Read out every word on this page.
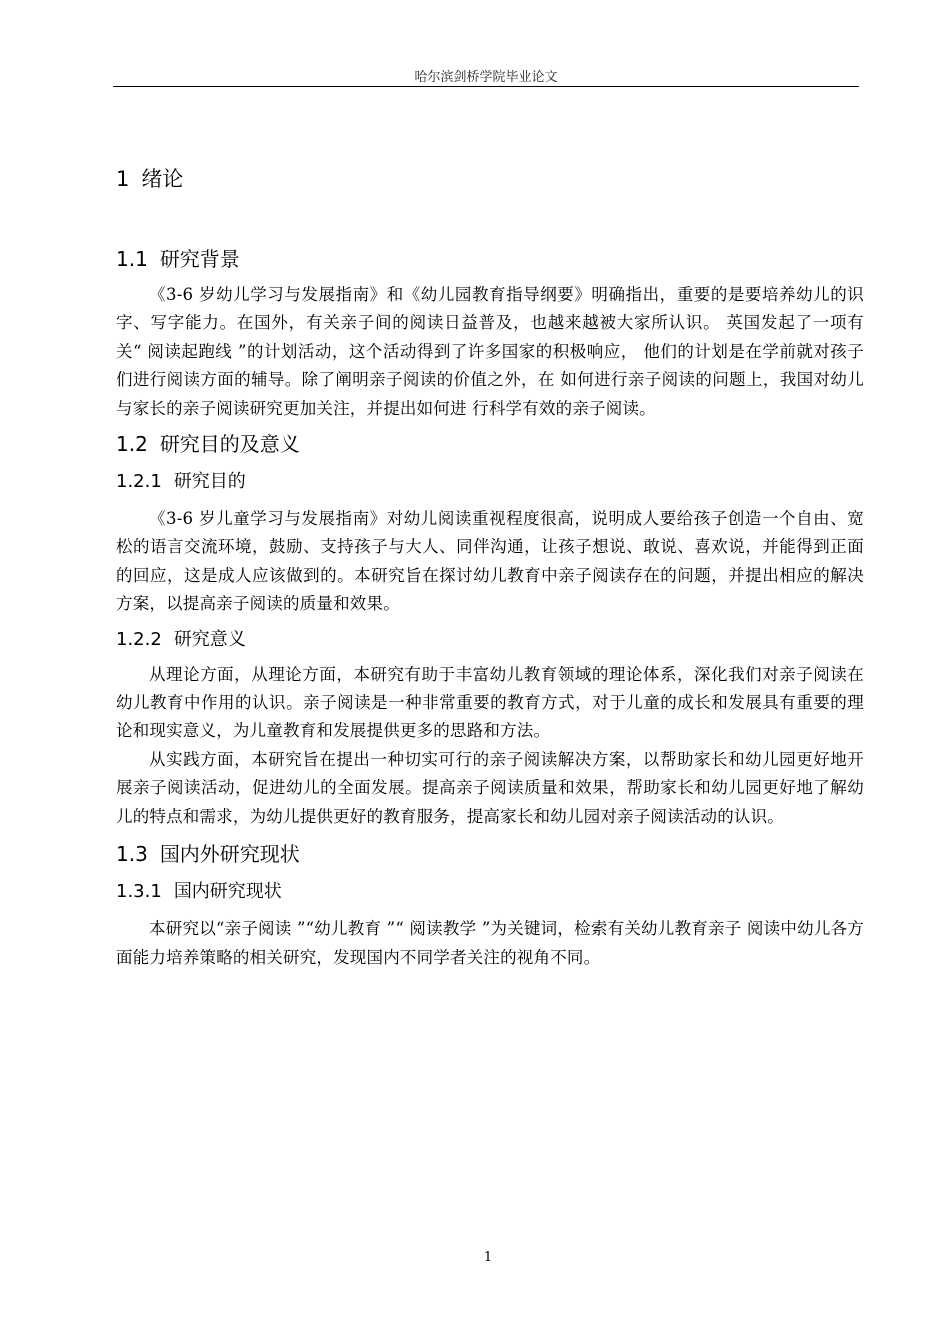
哈尔滨剑桥学院毕业论文
1 绪论
1.1 研究背景

《3-6 岁幼儿学习与发展指南》和《幼儿园教育指导纲要》明确指出，重要的是要培养幼儿的识字、写字能力。在国外，有关亲子间的阅读日益普及，也越来越被大家所认识。 英国发起了一项有关“ 阅读起跑线 ”的计划活动，这个活动得到了许多国家的积极响应， 他们的计划是在学前就对孩子们进行阅读方面的辅导。除了阐明亲子阅读的价值之外，在 如何进行亲子阅读的问题上，我国对幼儿与家长的亲子阅读研究更加关注，并提出如何进 行科学有效的亲子阅读。

1.2 研究目的及意义
1.2.1 研究目的

《3-6 岁儿童学习与发展指南》对幼儿阅读重视程度很高，说明成人要给孩子创造一个自由、宽松的语言交流环境，鼓励、支持孩子与大人、同伴沟通，让孩子想说、敢说、喜欢说，并能得到正面的回应，这是成人应该做到的。本研究旨在探讨幼儿教育中亲子阅读存在的问题，并提出相应的解决方案，以提高亲子阅读的质量和效果。

1.2.2 研究意义

从理论方面，从理论方面，本研究有助于丰富幼儿教育领域的理论体系，深化我们对亲子阅读在幼儿教育中作用的认识。亲子阅读是一种非常重要的教育方式，对于儿童的成长和发展具有重要的理论和现实意义，为儿童教育和发展提供更多的思路和方法。

从实践方面，本研究旨在提出一种切实可行的亲子阅读解决方案，以帮助家长和幼儿园更好地开展亲子阅读活动，促进幼儿的全面发展。提高亲子阅读质量和效果，帮助家长和幼儿园更好地了解幼儿的特点和需求，为幼儿提供更好的教育服务，提高家长和幼儿园对亲子阅读活动的认识。

1.3 国内外研究现状
1.3.1 国内研究现状

本研究以“亲子阅读 ”“幼儿教育 ”“ 阅读教学 ”为关键词，检索有关幼儿教育亲子 阅读中幼儿各方面能力培养策略的相关研究，发现国内不同学者关注的视角不同。

1
